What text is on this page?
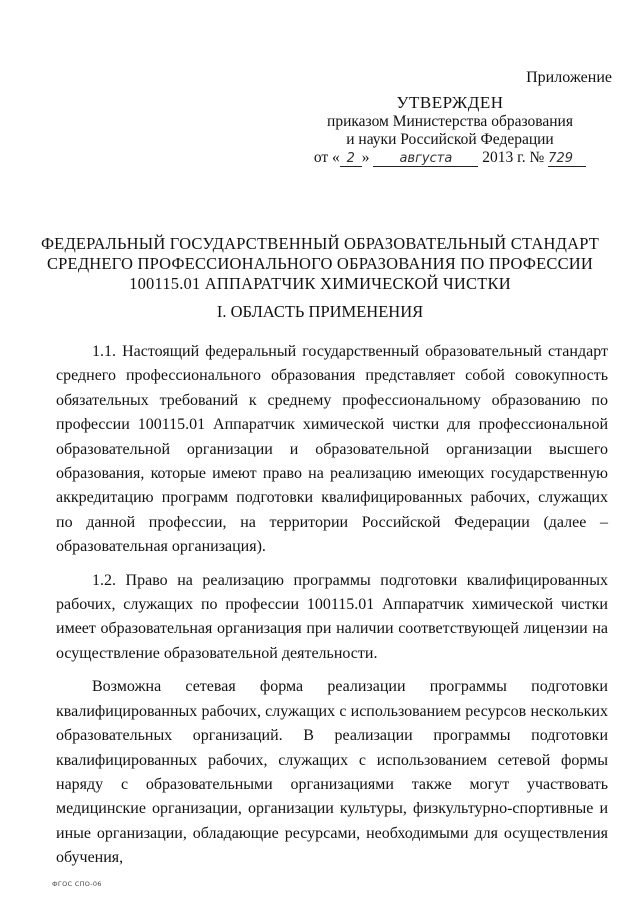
Приложение
УТВЕРЖДЕН
приказом Министерства образования
и науки Российской Федерации
от « 2 » августа 2013 г. № 729
ФЕДЕРАЛЬНЫЙ ГОСУДАРСТВЕННЫЙ ОБРАЗОВАТЕЛЬНЫЙ СТАНДАРТ СРЕДНЕГО ПРОФЕССИОНАЛЬНОГО ОБРАЗОВАНИЯ ПО ПРОФЕССИИ 100115.01 АППАРАТЧИК ХИМИЧЕСКОЙ ЧИСТКИ
I. ОБЛАСТЬ ПРИМЕНЕНИЯ

1.1. Настоящий федеральный государственный образовательный стандарт среднего профессионального образования представляет собой совокупность обязательных требований к среднему профессиональному образованию по профессии 100115.01 Аппаратчик химической чистки для профессиональной образовательной организации и образовательной организации высшего образования, которые имеют право на реализацию имеющих государственную аккредитацию программ подготовки квалифицированных рабочих, служащих по данной профессии, на территории Российской Федерации (далее – образовательная организация).

1.2. Право на реализацию программы подготовки квалифицированных рабочих, служащих по профессии 100115.01 Аппаратчик химической чистки имеет образовательная организация при наличии соответствующей лицензии на осуществление образовательной деятельности.

Возможна сетевая форма реализации программы подготовки квалифицированных рабочих, служащих с использованием ресурсов нескольких образовательных организаций. В реализации программы подготовки квалифицированных рабочих, служащих с использованием сетевой формы наряду с образовательными организациями также могут участвовать медицинские организации, организации культуры, физкультурно-спортивные и иные организации, обладающие ресурсами, необходимыми для осуществления обучения,

ФГОС СПО-06
